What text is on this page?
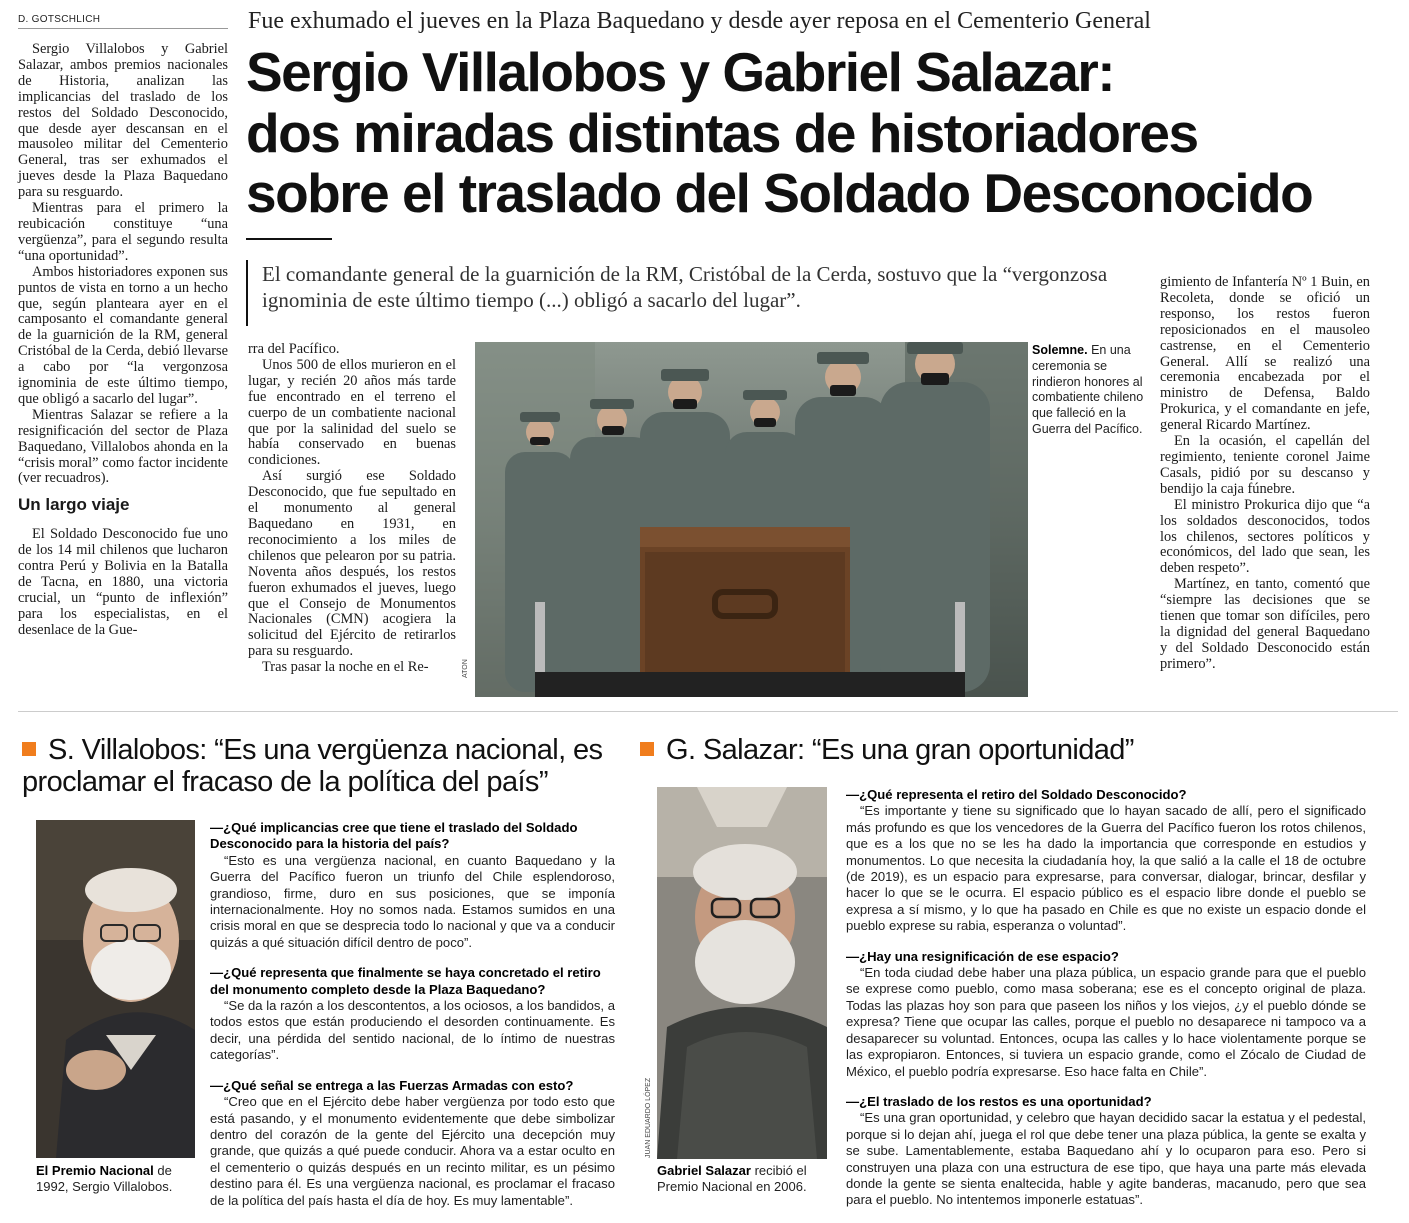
D. GOTSCHLICH	Fue exhumado el jueves en la Plaza Baquedano y desde ayer reposa en el Cementerio General
Sergio Villalobos y Gabriel Salazar:
dos miradas distintas de historiadores
sobre el traslado del Soldado Desconocido
El comandante general de la guarnición de la RM, Cristóbal de la Cerda, sostuvo que la “vergonzosa ignominia de este último tiempo (...) obligó a sacarlo del lugar”.

Sergio Villalobos y Gabriel Salazar, ambos premios nacionales de Historia, analizan las implicancias del traslado de los restos del Soldado Desconocido, que desde ayer descansan en el mausoleo militar del Cementerio General, tras ser exhumados el jueves desde la Plaza Baquedano para su resguardo.

Mientras para el primero la reubicación constituye “una vergüenza”, para el segundo resulta “una oportunidad”.

Ambos historiadores exponen sus puntos de vista en torno a un hecho que, según planteara ayer en el camposanto el comandante general de la guarnición de la RM, general Cristóbal de la Cerda, debió llevarse a cabo por “la vergonzosa ignominia de este último tiempo, que obligó a sacarlo del lugar”.

Mientras Salazar se refiere a la resignificación del sector de Plaza Baquedano, Villalobos ahonda en la “crisis moral” como factor incidente (ver recuadros).

Un largo viaje

El Soldado Desconocido fue uno de los 14 mil chilenos que lucharon contra Perú y Bolivia en la Batalla de Tacna, en 1880, una victoria crucial, un “punto de inflexión” para los especialistas, en el desenlace de la Gue-

rra del Pacífico.

Unos 500 de ellos murieron en el lugar, y recién 20 años más tarde fue encontrado en el terreno el cuerpo de un combatiente nacional que por la salinidad del suelo se había conservado en buenas condiciones.

Así surgió ese Soldado Desconocido, que fue sepultado en el monumento al general Baquedano en 1931, en reconocimiento a los miles de chilenos que pelearon por su patria. Noventa años después, los restos fueron exhumados el jueves, luego que el Consejo de Monumentos Nacionales (CMN) acogiera la solicitud del Ejército de retirarlos para su resguardo.

Tras pasar la noche en el Re-	ATON
Solemne. En una ceremonia se rindieron honores al combatiente chileno que falleció en la Guerra del Pacífico.

gimiento de Infantería Nº 1 Buin, en Recoleta, donde se ofició un responso, los restos fueron reposicionados en el mausoleo castrense, en el Cementerio General. Allí se realizó una ceremonia encabezada por el ministro de Defensa, Baldo Prokurica, y el comandante en jefe, general Ricardo Martínez.

En la ocasión, el capellán del regimiento, teniente coronel Jaime Casals, pidió por su descanso y bendijo la caja fúnebre.

El ministro Prokurica dijo que “a los soldados desconocidos, todos los chilenos, sectores políticos y económicos, del lado que sean, les deben respeto”.

Martínez, en tanto, comentó que “siempre las decisiones que se tienen que tomar son difíciles, pero la dignidad del general Baquedano y del Soldado Desconocido están primero”.

S. Villalobos: “Es una vergüenza nacional, es proclamar el fracaso de la política del país”
El Premio Nacional de 1992, Sergio Villalobos.
—¿Qué implicancias cree que tiene el traslado del Soldado Desconocido para la historia del país?
“Esto es una vergüenza nacional, en cuanto Baquedano y la Guerra del Pacífico fueron un triunfo del Chile esplendoroso, grandioso, firme, duro en sus posiciones, que se imponía internacionalmente. Hoy no somos nada. Estamos sumidos en una crisis moral en que se desprecia todo lo nacional y que va a conducir quizás a qué situación difícil dentro de poco”.
—¿Qué representa que finalmente se haya concretado el retiro del monumento completo desde la Plaza Baquedano?
“Se da la razón a los descontentos, a los ociosos, a los bandidos, a todos estos que están produciendo el desorden continuamente. Es decir, una pérdida del sentido nacional, de lo íntimo de nuestras categorías”.
—¿Qué señal se entrega a las Fuerzas Armadas con esto?
“Creo que en el Ejército debe haber vergüenza por todo esto que está pasando, y el monumento evidentemente que debe simbolizar dentro del corazón de la gente del Ejército una decepción muy grande, que quizás a qué puede conducir. Ahora va a estar oculto en el cementerio o quizás después en un recinto militar, es un pésimo destino para él. Es una vergüenza nacional, es proclamar el fracaso de la política del país hasta el día de hoy. Es muy lamentable”.
G. Salazar: “Es una gran oportunidad”
JUAN EDUARDO LÓPEZ
Gabriel Salazar recibió el Premio Nacional en 2006.
—¿Qué representa el retiro del Soldado Desconocido?
“Es importante y tiene su significado que lo hayan sacado de allí, pero el significado más profundo es que los vencedores de la Guerra del Pacífico fueron los rotos chilenos, que es a los que no se les ha dado la importancia que corresponde en estudios y monumentos. Lo que necesita la ciudadanía hoy, la que salió a la calle el 18 de octubre (de 2019), es un espacio para expresarse, para conversar, dialogar, brincar, desfilar y hacer lo que se le ocurra. El espacio público es el espacio libre donde el pueblo se expresa a sí mismo, y lo que ha pasado en Chile es que no existe un espacio donde el pueblo exprese su rabia, esperanza o voluntad”.
—¿Hay una resignificación de ese espacio?
“En toda ciudad debe haber una plaza pública, un espacio grande para que el pueblo se exprese como pueblo, como masa soberana; ese es el concepto original de plaza. Todas las plazas hoy son para que paseen los niños y los viejos, ¿y el pueblo dónde se expresa? Tiene que ocupar las calles, porque el pueblo no desaparece ni tampoco va a desaparecer su voluntad. Entonces, ocupa las calles y lo hace violentamente porque se las expropiaron. Entonces, si tuviera un espacio grande, como el Zócalo de Ciudad de México, el pueblo podría expresarse. Eso hace falta en Chile”.
—¿El traslado de los restos es una oportunidad?
“Es una gran oportunidad, y celebro que hayan decidido sacar la estatua y el pedestal, porque si lo dejan ahí, juega el rol que debe tener una plaza pública, la gente se exalta y se sube. Lamentablemente, estaba Baquedano ahí y lo ocuparon para eso. Pero si construyen una plaza con una estructura de ese tipo, que haya una parte más elevada donde la gente se sienta enaltecida, hable y agite banderas, macanudo, pero que sea para el pueblo. No intentemos imponerle estatuas”.
